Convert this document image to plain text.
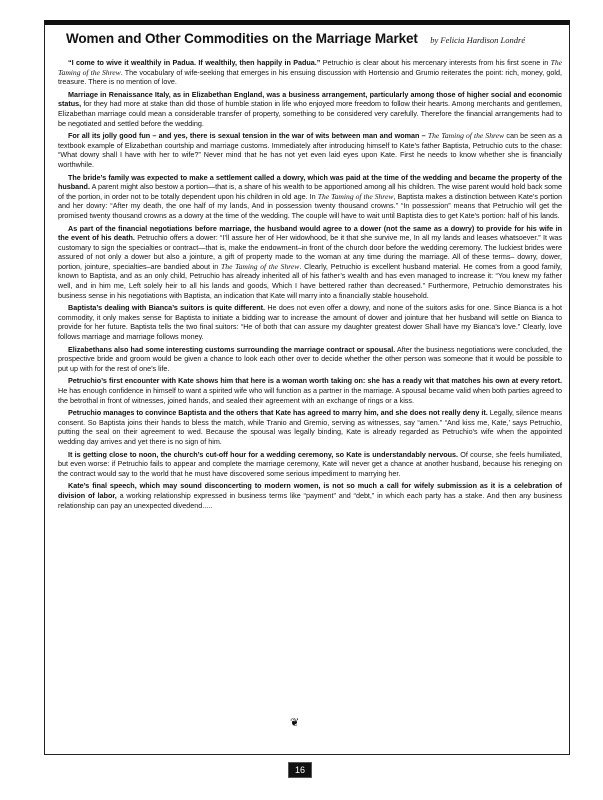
Women and Other Commodities on the Marriage Market by Felicia Hardison Londré

“I come to wive it wealthily in Padua. If wealthily, then happily in Padua.” Petruchio is clear about his mercenary interests from his first scene in The Taming of the Shrew. The vocabulary of wife-seeking that emerges in his ensuing discussion with Hortensio and Grumio reiterates the point: rich, money, gold, treasure. There is no mention of love.

Marriage in Renaissance Italy, as in Elizabethan England, was a business arrangement, particularly among those of higher social and economic status, for they had more at stake than did those of humble station in life who enjoyed more freedom to follow their hearts. Among merchants and gentlemen, Elizabethan marriage could mean a considerable transfer of property, something to be considered very carefully. Therefore the financial arrangements had to be negotiated and settled before the wedding.

For all its jolly good fun – and yes, there is sexual tension in the war of wits between man and woman – The Taming of the Shrew can be seen as a textbook example of Elizabethan courtship and marriage customs. Immediately after introducing himself to Kate’s father Baptista, Petruchio cuts to the chase: “What dowry shall I have with her to wife?” Never mind that he has not yet even laid eyes upon Kate. First he needs to know whether she is financially worthwhile.

The bride’s family was expected to make a settlement called a dowry, which was paid at the time of the wedding and became the property of the husband. A parent might also bestow a portion—that is, a share of his wealth to be apportioned among all his children. The wise parent would hold back some of the portion, in order not to be totally dependent upon his children in old age. In The Taming of the Shrew, Baptista makes a distinction between Kate’s portion and her dowry: “After my death, the one half of my lands, And in possession twenty thousand crowns.” “In possession” means that Petruchio will get the promised twenty thousand crowns as a dowry at the time of the wedding. The couple will have to wait until Baptista dies to get Kate’s portion: half of his lands.

As part of the financial negotiations before marriage, the husband would agree to a dower (not the same as a dowry) to provide for his wife in the event of his death. Petruchio offers a dower: “I’ll assure her of Her widowhood, be it that she survive me, In all my lands and leases whatsoever.” It was customary to sign the specialties or contract—that is, make the endowment–in front of the church door before the wedding ceremony. The luckiest brides were assured of not only a dower but also a jointure, a gift of property made to the woman at any time during the marriage. All of these terms– dowry, dower, portion, jointure, specialties–are bandied about in The Taming of the Shrew. Clearly, Petruchio is excellent husband material. He comes from a good family, known to Baptista, and as an only child, Petruchio has already inherited all of his father’s wealth and has even managed to increase it: “You knew my father well, and in him me, Left solely heir to all his lands and goods, Which I have bettered rather than decreased.” Furthermore, Petruchio demonstrates his business sense in his negotiations with Baptista, an indication that Kate will marry into a financially stable household.

Baptista’s dealing with Bianca’s suitors is quite different. He does not even offer a dowry, and none of the suitors asks for one. Since Bianca is a hot commodity, it only makes sense for Baptista to initiate a bidding war to increase the amount of dower and jointure that her husband will settle on Bianca to provide for her future. Baptista tells the two final suitors: “He of both that can assure my daughter greatest dower Shall have my Bianca’s love.” Clearly, love follows marriage and marriage follows money.

Elizabethans also had some interesting customs surrounding the marriage contract or spousal. After the business negotiations were concluded, the prospective bride and groom would be given a chance to look each other over to decide whether the other person was someone that it would be possible to put up with for the rest of one’s life.

Petruchio’s first encounter with Kate shows him that here is a woman worth taking on: she has a ready wit that matches his own at every retort. He has enough confidence in himself to want a spirited wife who will function as a partner in the marriage. A spousal became valid when both parties agreed to the betrothal in front of witnesses, joined hands, and sealed their agreement with an exchange of rings or a kiss.

Petruchio manages to convince Baptista and the others that Kate has agreed to marry him, and she does not really deny it. Legally, silence means consent. So Baptista joins their hands to bless the match, while Tranio and Gremio, serving as witnesses, say “amen.” “And kiss me, Kate,’ says Petruchio, putting the seal on their agreement to wed. Because the spousal was legally binding, Kate is already regarded as Petruchio’s wife when the appointed wedding day arrives and yet there is no sign of him.

It is getting close to noon, the church’s cut-off hour for a wedding ceremony, so Kate is understandably nervous. Of course, she feels humiliated, but even worse: if Petruchio fails to appear and complete the marriage ceremony, Kate will never get a chance at another husband, because his reneging on the contract would say to the world that he must have discovered some serious impediment to marrying her.

Kate’s final speech, which may sound disconcerting to modern women, is not so much a call for wifely submission as it is a celebration of division of labor, a working relationship expressed in business terms like “payment” and “debt,” in which each party has a stake. And then any business relationship can pay an unexpected divedend.....

❦
16
